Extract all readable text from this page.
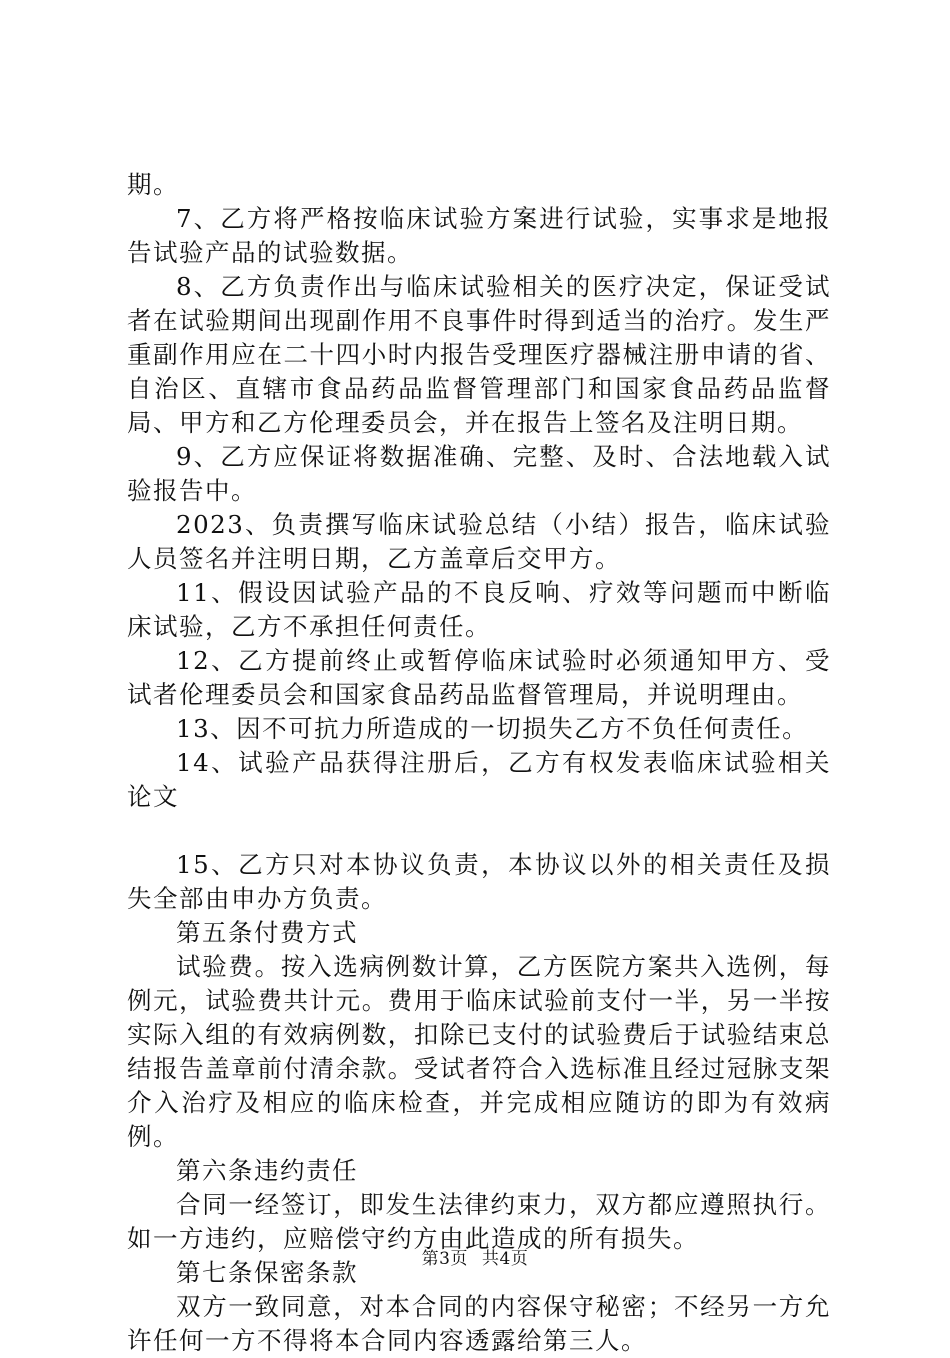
期。

7、乙方将严格按临床试验方案进行试验，实事求是地报告试验产品的试验数据。

8、乙方负责作出与临床试验相关的医疗决定，保证受试者在试验期间出现副作用不良事件时得到适当的治疗。发生严重副作用应在二十四小时内报告受理医疗器械注册申请的省、自治区、直辖市食品药品监督管理部门和国家食品药品监督局、甲方和乙方伦理委员会，并在报告上签名及注明日期。

9、乙方应保证将数据准确、完整、及时、合法地载入试验报告中。

2023、负责撰写临床试验总结（小结）报告，临床试验人员签名并注明日期，乙方盖章后交甲方。

11、假设因试验产品的不良反响、疗效等问题而中断临床试验，乙方不承担任何责任。

12、乙方提前终止或暂停临床试验时必须通知甲方、受试者伦理委员会和国家食品药品监督管理局，并说明理由。

13、因不可抗力所造成的一切损失乙方不负任何责任。

14、试验产品获得注册后，乙方有权发表临床试验相关论文

15、乙方只对本协议负责，本协议以外的相关责任及损失全部由申办方负责。

第五条付费方式

试验费。按入选病例数计算，乙方医院方案共入选例，每例元，试验费共计元。费用于临床试验前支付一半，另一半按实际入组的有效病例数，扣除已支付的试验费后于试验结束总结报告盖章前付清余款。受试者符合入选标准且经过冠脉支架介入治疗及相应的临床检查，并完成相应随访的即为有效病例。

第六条违约责任

合同一经签订，即发生法律约束力，双方都应遵照执行。如一方违约，应赔偿守约方由此造成的所有损失。

第七条保密条款

双方一致同意，对本合同的内容保守秘密；不经另一方允许任何一方不得将本合同内容透露给第三人。

第3页 共4页
